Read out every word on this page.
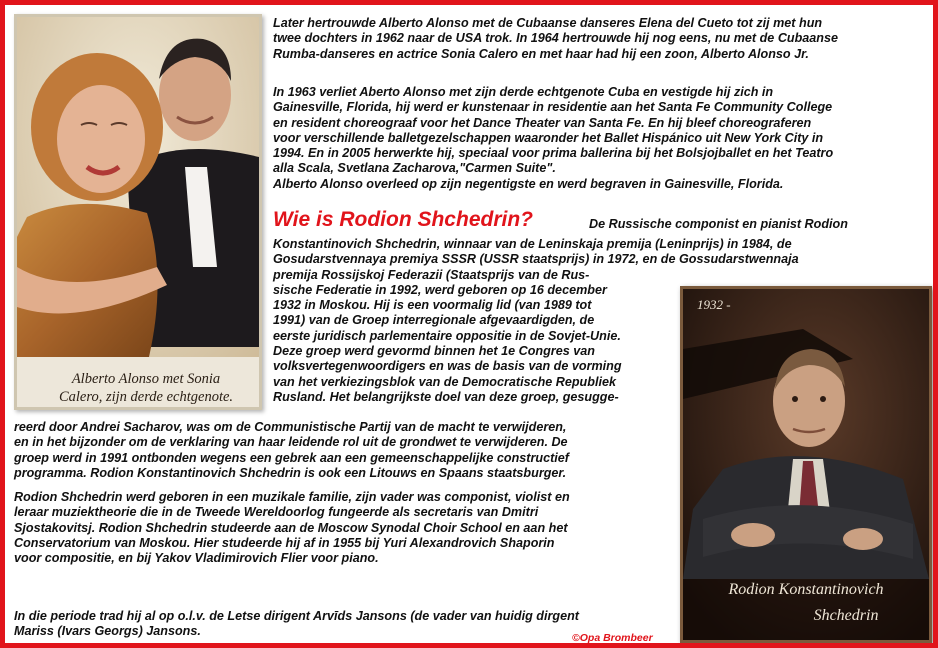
Alberto Alonso met Sonia
Calero, zijn derde echtgenote.

Later hertrouwde Alberto Alonso met de Cubaanse danseres Elena del Cueto tot zij met hun
twee dochters in 1962 naar de USA trok. In 1964 hertrouwde hij nog eens, nu met de Cubaanse
Rumba-danseres en actrice Sonia Calero en met haar had hij een zoon, Alberto Alonso Jr.

In 1963 verliet Aberto Alonso met zijn derde echtgenote Cuba en vestigde hij zich in
Gainesville, Florida, hij werd er kunstenaar in residentie aan het Santa Fe Community College
en resident choreograaf voor het Dance Theater van Santa Fe. En hij bleef choreograferen
voor verschillende balletgezelschappen waaronder het Ballet Hispánico uit New York City in
1994. En in 2005 herwerkte hij, speciaal voor prima ballerina bij het Bolsjojballet en het Teatro
alla Scala, Svetlana Zacharova,"Carmen Suite".
Alberto Alonso overleed op zijn negentigste en werd begraven in Gainesville, Florida.

Wie is Rodion Shchedrin?	De Russische componist en pianist Rodion

Konstantinovich Shchedrin, winnaar van de Leninskaja premija (Leninprijs) in 1984, de
Gosudarstvennaya premiya SSSR (USSR staatsprijs) in 1972, en de Gossudarstwennaja
premija Rossijskoj Federazii (Staatsprijs van de Rus-
sische Federatie in 1992, werd geboren op 16 december
1932 in Moskou. Hij is een voormalig lid (van 1989 tot
1991) van de Groep interregionale afgevaardigden, de
eerste juridisch parlementaire oppositie in de Sovjet-Unie.
Deze groep werd gevormd binnen het 1e Congres van
volksvertegenwoordigers en was de basis van de vorming
van het verkiezingsblok van de Democratische Republiek
Rusland. Het belangrijkste doel van deze groep, gesugge-

reerd door Andrei Sacharov, was om de Communistische Partij van de macht te verwijderen,
en in het bijzonder om de verklaring van haar leidende rol uit de grondwet te verwijderen. De
groep werd in 1991 ontbonden wegens een gebrek aan een gemeenschappelijke constructief
programma. Rodion Konstantinovich Shchedrin is ook een Litouws en Spaans staatsburger.

Rodion Shchedrin werd geboren in een muzikale familie, zijn vader was componist, violist en
leraar muziektheorie die in de Tweede Wereldoorlog fungeerde als secretaris van Dmitri
Sjostakovitsj. Rodion Shchedrin studeerde aan de Moscow Synodal Choir School en aan het
Conservatorium van Moskou. Hier studeerde hij af in 1955 bij Yuri Alexandrovich Shaporin
voor compositie, en bij Yakov Vladimirovich Flier voor piano.

In die periode trad hij al op o.l.v. de Letse dirigent Arvīds Jansons (de vader van huidig dirgent
Mariss (Ivars Georgs) Jansons.	©Opa Brombeer

1932 -
Rodion Konstantinovich
Shchedrin
